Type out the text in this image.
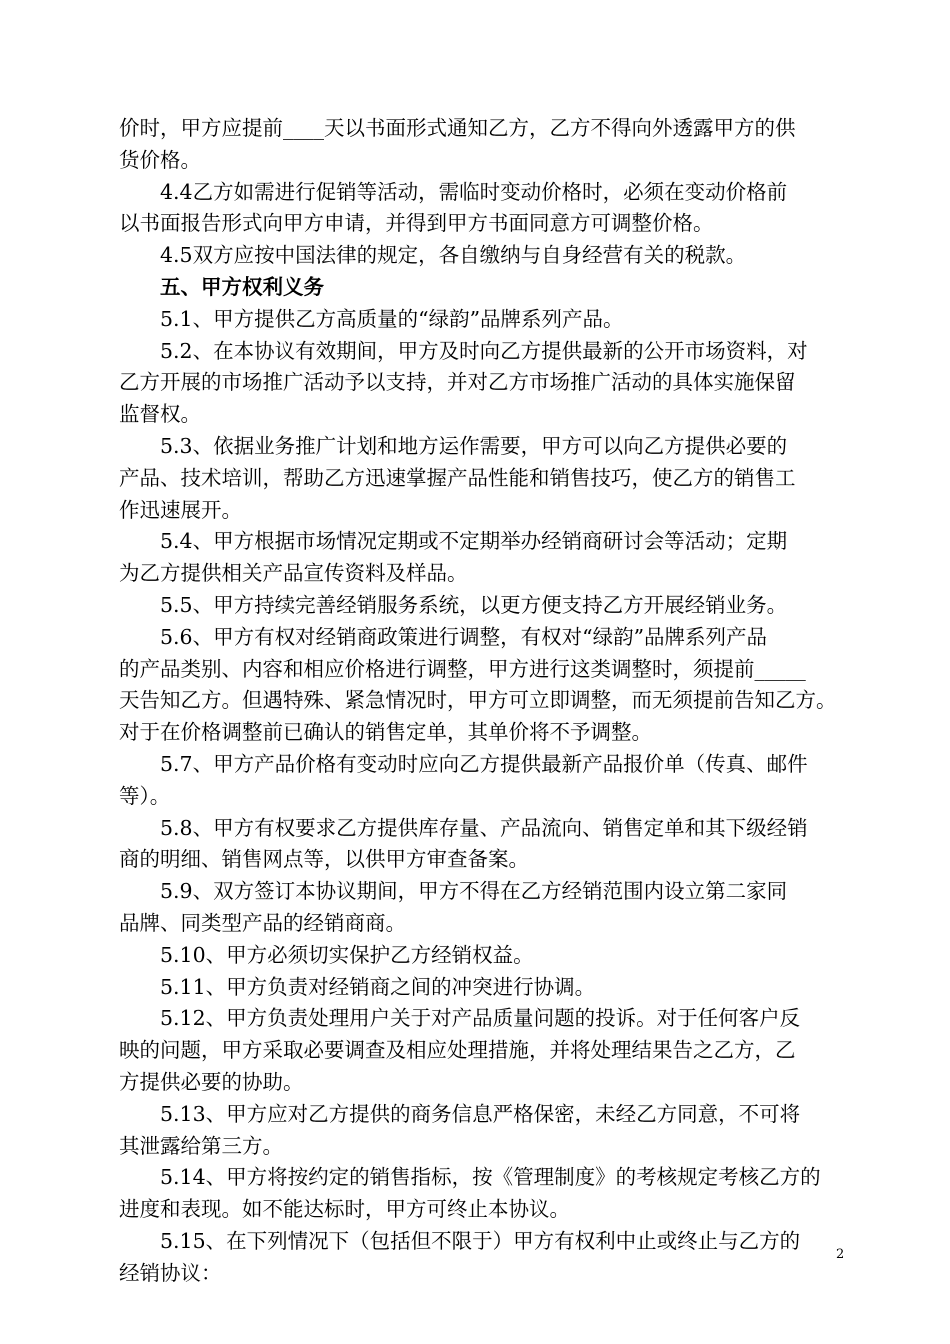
价时，甲方应提前____天以书面形式通知乙方，乙方不得向外透露甲方的供
货价格。
4.4乙方如需进行促销等活动，需临时变动价格时，必须在变动价格前
以书面报告形式向甲方申请，并得到甲方书面同意方可调整价格。
4.5双方应按中国法律的规定，各自缴纳与自身经营有关的税款。
五、甲方权利义务
5.1、甲方提供乙方高质量的“绿韵”品牌系列产品。
5.2、在本协议有效期间，甲方及时向乙方提供最新的公开市场资料，对
乙方开展的市场推广活动予以支持，并对乙方市场推广活动的具体实施保留
监督权。
5.3、依据业务推广计划和地方运作需要，甲方可以向乙方提供必要的
产品、技术培训，帮助乙方迅速掌握产品性能和销售技巧，使乙方的销售工
作迅速展开。
5.4、甲方根据市场情况定期或不定期举办经销商研讨会等活动；定期
为乙方提供相关产品宣传资料及样品。
5.5、甲方持续完善经销服务系统，以更方便支持乙方开展经销业务。
5.6、甲方有权对经销商政策进行调整，有权对“绿韵”品牌系列产品
的产品类别、内容和相应价格进行调整，甲方进行这类调整时，须提前_____
天告知乙方。但遇特殊、紧急情况时，甲方可立即调整，而无须提前告知乙方。
对于在价格调整前已确认的销售定单，其单价将不予调整。
5.7、甲方产品价格有变动时应向乙方提供最新产品报价单（传真、邮件
等）。
5.8、甲方有权要求乙方提供库存量、产品流向、销售定单和其下级经销
商的明细、销售网点等，以供甲方审查备案。
5.9、双方签订本协议期间，甲方不得在乙方经销范围内设立第二家同
品牌、同类型产品的经销商商。
5.10、甲方必须切实保护乙方经销权益。
5.11、甲方负责对经销商之间的冲突进行协调。
5.12、甲方负责处理用户关于对产品质量问题的投诉。对于任何客户反
映的问题，甲方采取必要调查及相应处理措施，并将处理结果告之乙方，乙
方提供必要的协助。
5.13、甲方应对乙方提供的商务信息严格保密，未经乙方同意，不可将
其泄露给第三方。
5.14、甲方将按约定的销售指标，按《管理制度》的考核规定考核乙方的
进度和表现。如不能达标时，甲方可终止本协议。
5.15、在下列情况下（包括但不限于）甲方有权利中止或终止与乙方的
经销协议：
2
